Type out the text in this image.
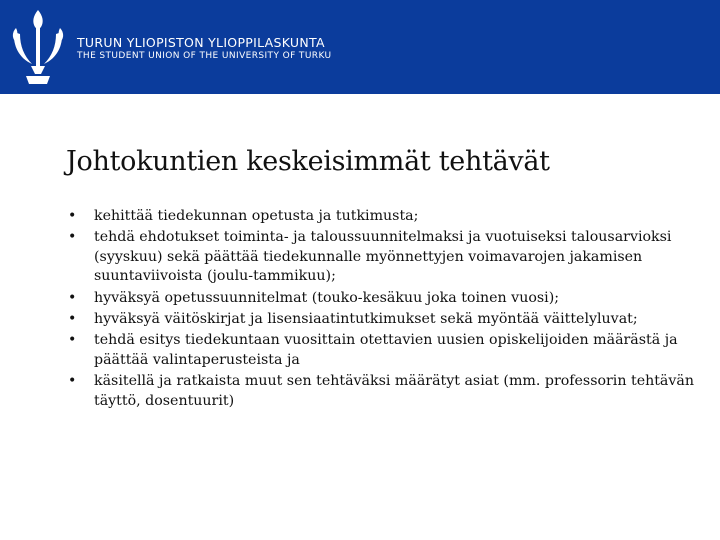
TURUN YLIOPISTON YLIOPPILASKUNTA
THE STUDENT UNION OF THE UNIVERSITY OF TURKU
Johtokuntien keskeisimmät tehtävät
• kehittää tiedekunnan opetusta ja tutkimusta;
• tehdä ehdotukset toiminta- ja taloussuunnitelmaksi ja vuotuiseksi talousarvioksi (syyskuu) sekä päättää tiedekunnalle myönnettyjen voimavarojen jakamisen suuntaviivoista (joulu-tammikuu);
• hyväksyä opetussuunnitelmat (touko-kesäkuu joka toinen vuosi);
• hyväksyä väitöskirjat ja lisensiaatintutkimukset sekä myöntää väittelyluvat;
• tehdä esitys tiedekuntaan vuosittain otettavien uusien opiskelijoiden määrästä ja päättää valintaperusteista ja
• käsitellä ja ratkaista muut sen tehtäväksi määrätyt asiat (mm. professorin tehtävän täyttö, dosentuurit)
